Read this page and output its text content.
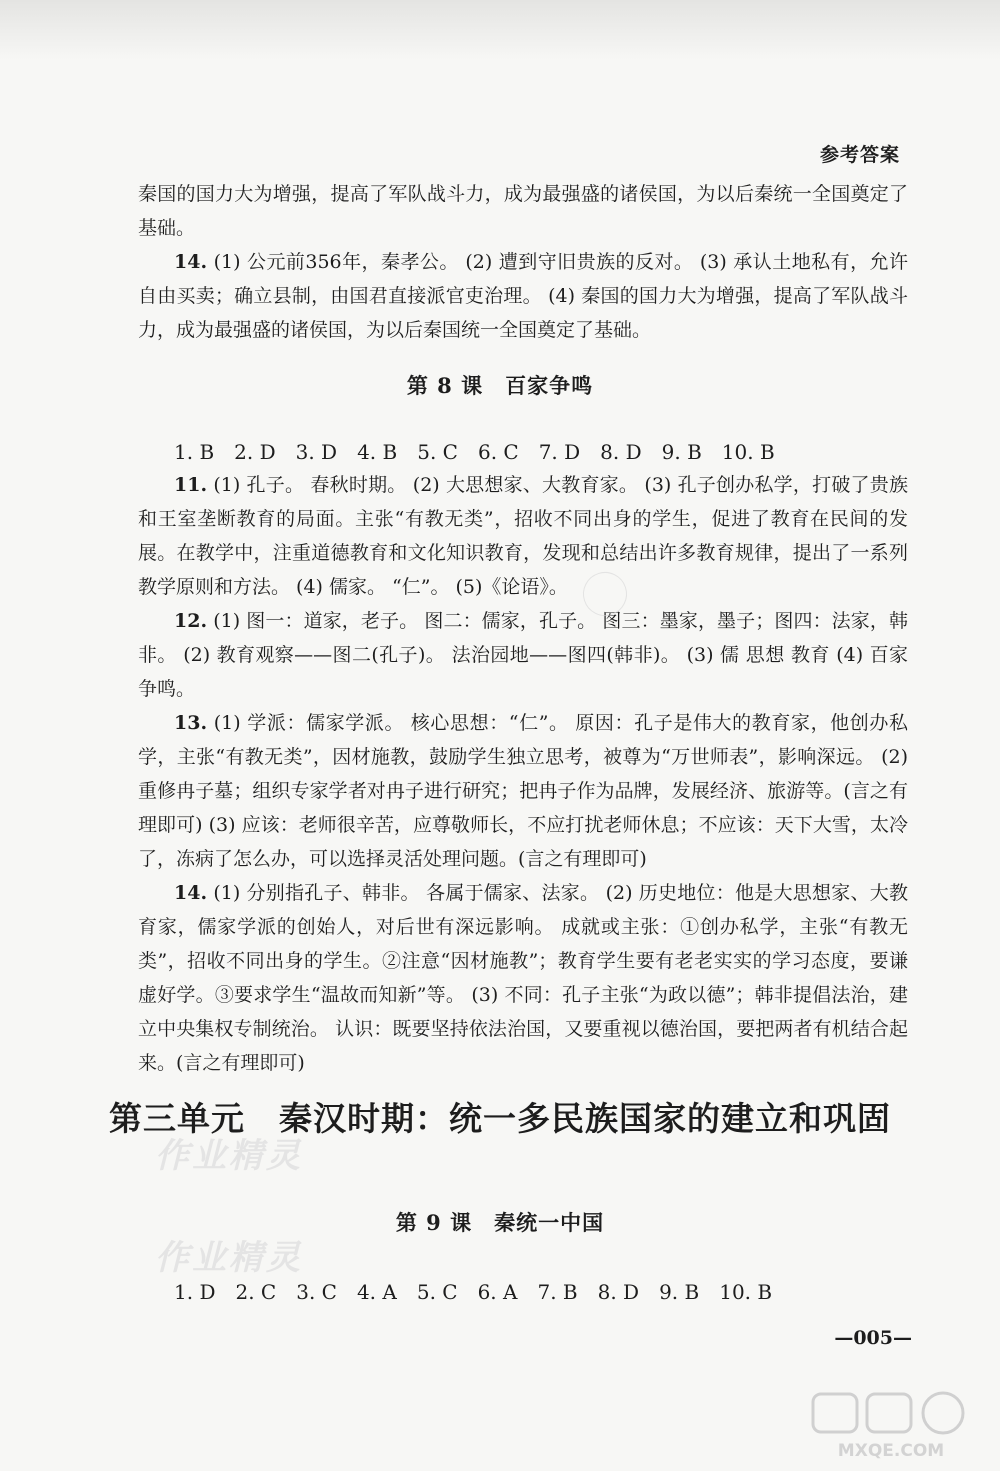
参考答案

秦国的国力大为增强，提高了军队战斗力，成为最强盛的诸侯国，为以后秦统一全国奠定了基础。

14. (1) 公元前356年，秦孝公。 (2) 遭到守旧贵族的反对。 (3) 承认土地私有，允许自由买卖；确立县制，由国君直接派官吏治理。 (4) 秦国的国力大为增强，提高了军队战斗力，成为最强盛的诸侯国，为以后秦国统一全国奠定了基础。

第 8 课　百家争鸣

1. B　2. D　3. D　4. B　5. C　6. C　7. D　8. D　9. B　10. B

11. (1) 孔子。 春秋时期。 (2) 大思想家、大教育家。 (3) 孔子创办私学，打破了贵族和王室垄断教育的局面。主张“有教无类”，招收不同出身的学生，促进了教育在民间的发展。在教学中，注重道德教育和文化知识教育，发现和总结出许多教育规律，提出了一系列教学原则和方法。 (4) 儒家。 “仁”。 (5)《论语》。

12. (1) 图一：道家，老子。 图二：儒家，孔子。 图三：墨家，墨子；图四：法家，韩非。 (2) 教育观察——图二(孔子)。 法治园地——图四(韩非)。 (3) 儒 思想 教育 (4) 百家争鸣。

13. (1) 学派：儒家学派。 核心思想：“仁”。 原因：孔子是伟大的教育家，他创办私学，主张“有教无类”，因材施教，鼓励学生独立思考，被尊为“万世师表”，影响深远。 (2) 重修冉子墓；组织专家学者对冉子进行研究；把冉子作为品牌，发展经济、旅游等。(言之有理即可) (3) 应该：老师很辛苦，应尊敬师长，不应打扰老师休息；不应该：天下大雪，太冷了，冻病了怎么办，可以选择灵活处理问题。(言之有理即可)

14. (1) 分别指孔子、韩非。 各属于儒家、法家。 (2) 历史地位：他是大思想家、大教育家，儒家学派的创始人，对后世有深远影响。 成就或主张：①创办私学，主张“有教无类”，招收不同出身的学生。②注意“因材施教”；教育学生要有老老实实的学习态度，要谦虚好学。③要求学生“温故而知新”等。 (3) 不同：孔子主张“为政以德”；韩非提倡法治，建立中央集权专制统治。 认识：既要坚持依法治国，又要重视以德治国，要把两者有机结合起来。(言之有理即可)

第三单元　秦汉时期：统一多民族国家的建立和巩固
第 9 课　秦统一中国

1. D　2. C　3. C　4. A　5. C　6. A　7. B　8. D　9. B　10. B

—005—
作业精灵
作业精灵
MXQE.COM
